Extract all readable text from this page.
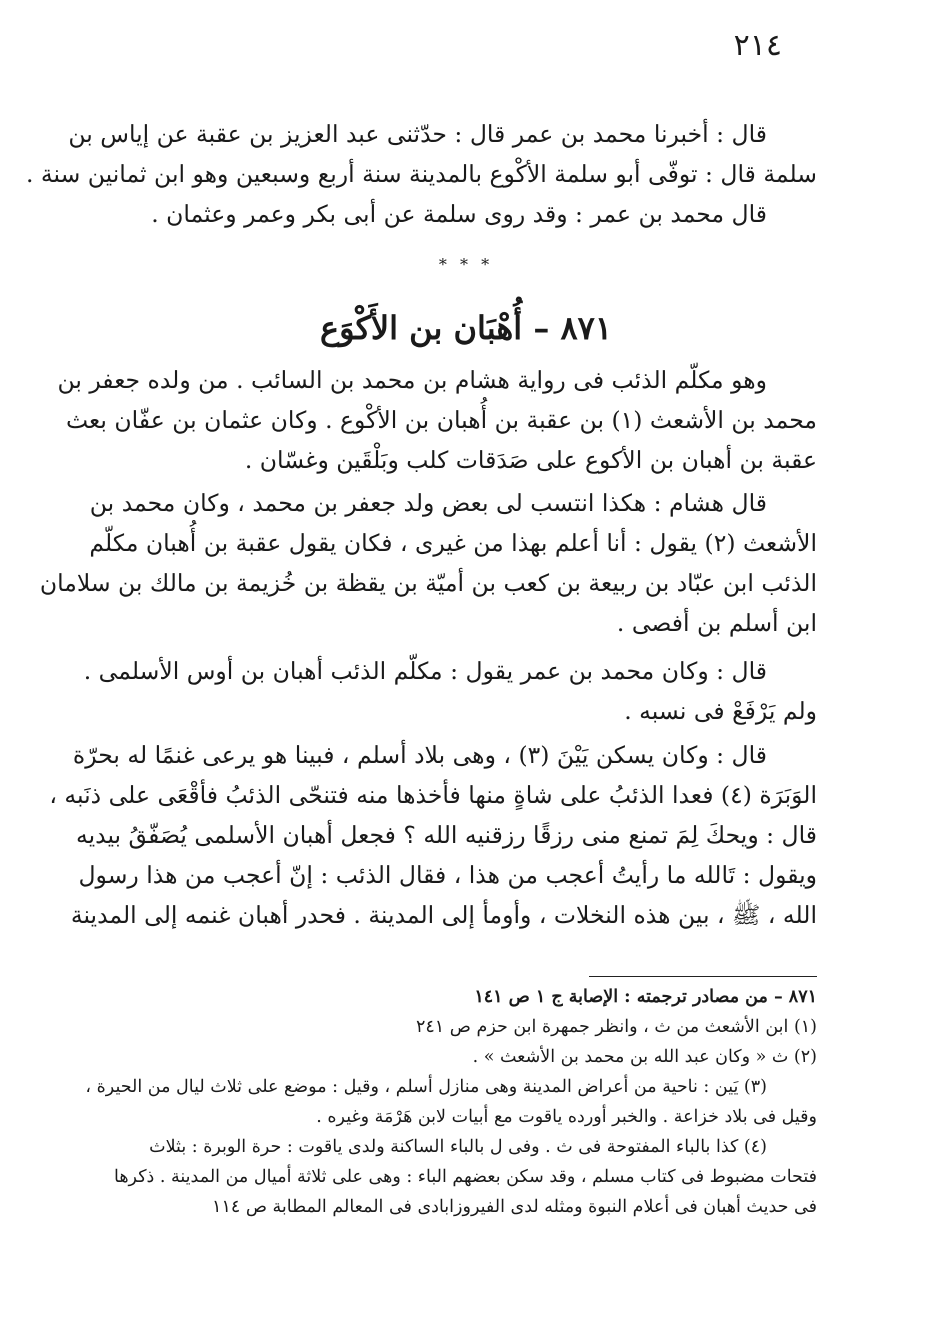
٢١٤
قال : أخبرنا محمد بن عمر قال : حدّثنى عبد العزيز بن عقبة عن إياس بن
سلمة قال : توفّى أبو سلمة الأكْوع بالمدينة سنة أربع وسبعين وهو ابن ثمانين سنة .
قال محمد بن عمر : وقد روى سلمة عن أبى بكر وعمر وعثمان .
* * *
٨٧١ – أُهْبَان بن الأَكْوَع
وهو مكلّم الذئب فى رواية هشام بن محمد بن السائب . من ولده جعفر بن
محمد بن الأشعث (١) بن عقبة بن أُهبان بن الأكْوع . وكان عثمان بن عفّان بعث
عقبة بن أهبان بن الأكوع على صَدَقات كلب وبَلْقَين وغسّان .
قال هشام : هكذا انتسب لى بعض ولد جعفر بن محمد ، وكان محمد بن
الأشعث (٢) يقول : أنا أعلم بهذا من غيرى ، فكان يقول عقبة بن أُهبان مكلّم
الذئب ابن عبّاد بن ربيعة بن كعب بن أميّة بن يقظة بن خُزيمة بن مالك بن سلامان
ابن أسلم بن أفصى .
قال : وكان محمد بن عمر يقول : مكلّم الذئب أهبان بن أوس الأسلمى .
ولم يَرْفَعْ فى نسبه .
قال : وكان يسكن يَيْنَ (٣) ، وهى بلاد أسلم ، فبينا هو يرعى غنمًا له بحرّة
الوَبَرَة (٤) فعدا الذئبُ على شاةٍ منها فأخذها منه فتنحّى الذئبُ فأقْعَى على ذنَبه ،
قال : ويحكَ لِمَ تمنع منى رزقًا رزقنيه الله ؟ فجعل أهبان الأسلمى يُصَفّقُ بيديه
ويقول : تَالله ما رأيتُ أعجب من هذا ، فقال الذئب : إنّ أعجب من هذا رسول
الله ، ﷺ ، بين هذه النخلات ، وأومأ إلى المدينة . فحدر أهبان غنمه إلى المدينة
٨٧١ – من مصادر ترجمته : الإصابة ج ١ ص ١٤١
(١) ابن الأشعث من ث ، وانظر جمهرة ابن حزم ص ٢٤١
(٢) ث « وكان عبد الله بن محمد بن الأشعث » .
(٣) يَين : ناحية من أعراض المدينة وهى منازل أسلم ، وقيل : موضع على ثلاث ليال من الحيرة ،
وقيل فى بلاد خزاعة . والخبر أورده ياقوت مع أبيات لابن هَرْمَة وغيره .
(٤) كذا بالباء المفتوحة فى ث . وفى ل بالباء الساكنة ولدى ياقوت : حرة الوبرة : بثلاث
فتحات مضبوط فى كتاب مسلم ، وقد سكن بعضهم الباء : وهى على ثلاثة أميال من المدينة . ذكرها
فى حديث أهبان فى أعلام النبوة ومثله لدى الفيروزابادى فى المعالم المطابة ص ١١٤
